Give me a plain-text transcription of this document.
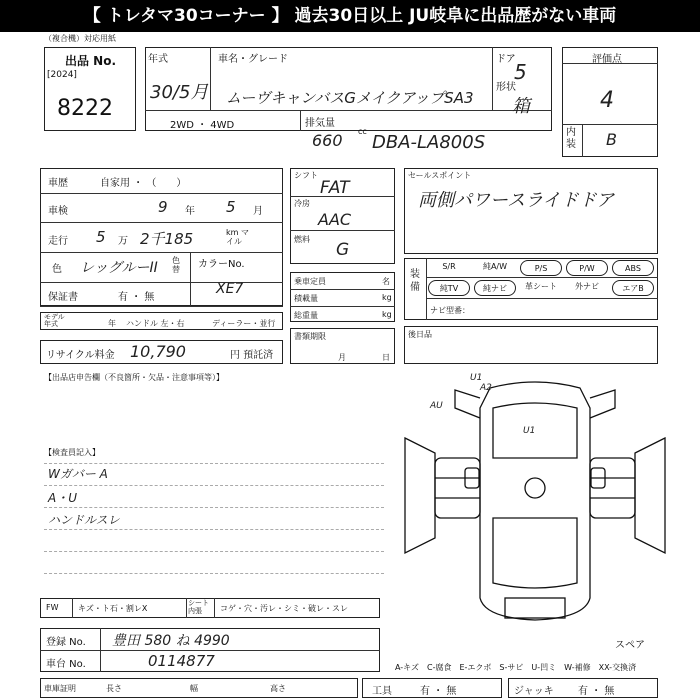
【 トレタマ30コーナー 】 過去30日以上 JU岐阜に出品歴がない車両
（複合機）対応用紙
出品 No.
[2024]
8222
年式
30/5月
車名・グレード
ムーヴキャンバスGメイクアップSA3
ドア
5
形状
箱
2WD ・ 4WD	排気量
660 cc
DBA-LA800S
評価点
4
内装 B
車歴	自家用 ・ （　　）
車検	9 年 5 月
走行 5 万 2千185	km マイル
色 レッグルーII 色替 カラーNo.
XE7
保証書	有 ・ 無
モデル年式	年 ハンドル 左・右	ディーラー・並行
リサイクル料金 10,790	円 預託済
シフト
FAT
冷房
AAC
燃料
G
乗車定員	名
積載量	kg
総重量	kg
書類期限
月	日
セールスポイント
両側パワースライドドア
装備
S/R	純A/W	P/S	P/W	ABS
純TV	純ナビ	革シート	外ナビ	エアB
ナビ型番：
後日品
【出品店申告欄（不良箇所・欠品・注意事項等）】
【検査員記入】
Wガバー A
A・U
ハンドルスレ
U1
A2
AU
U1
スペア
FW キズ・ト石・割レX
シート 内張	コゲ・穴・汚レ・シミ・破レ・スレ
登録 No. 豊田 580 ね 4990
車台 No.	0114877	A-キズ　C-腐食　E-エクボ　S-サビ　U-凹ミ　W-補修　XX-交換済
車庫証明	長さ	幅	高さ	工具	有 ・ 無	ジャッキ 有 ・ 無
